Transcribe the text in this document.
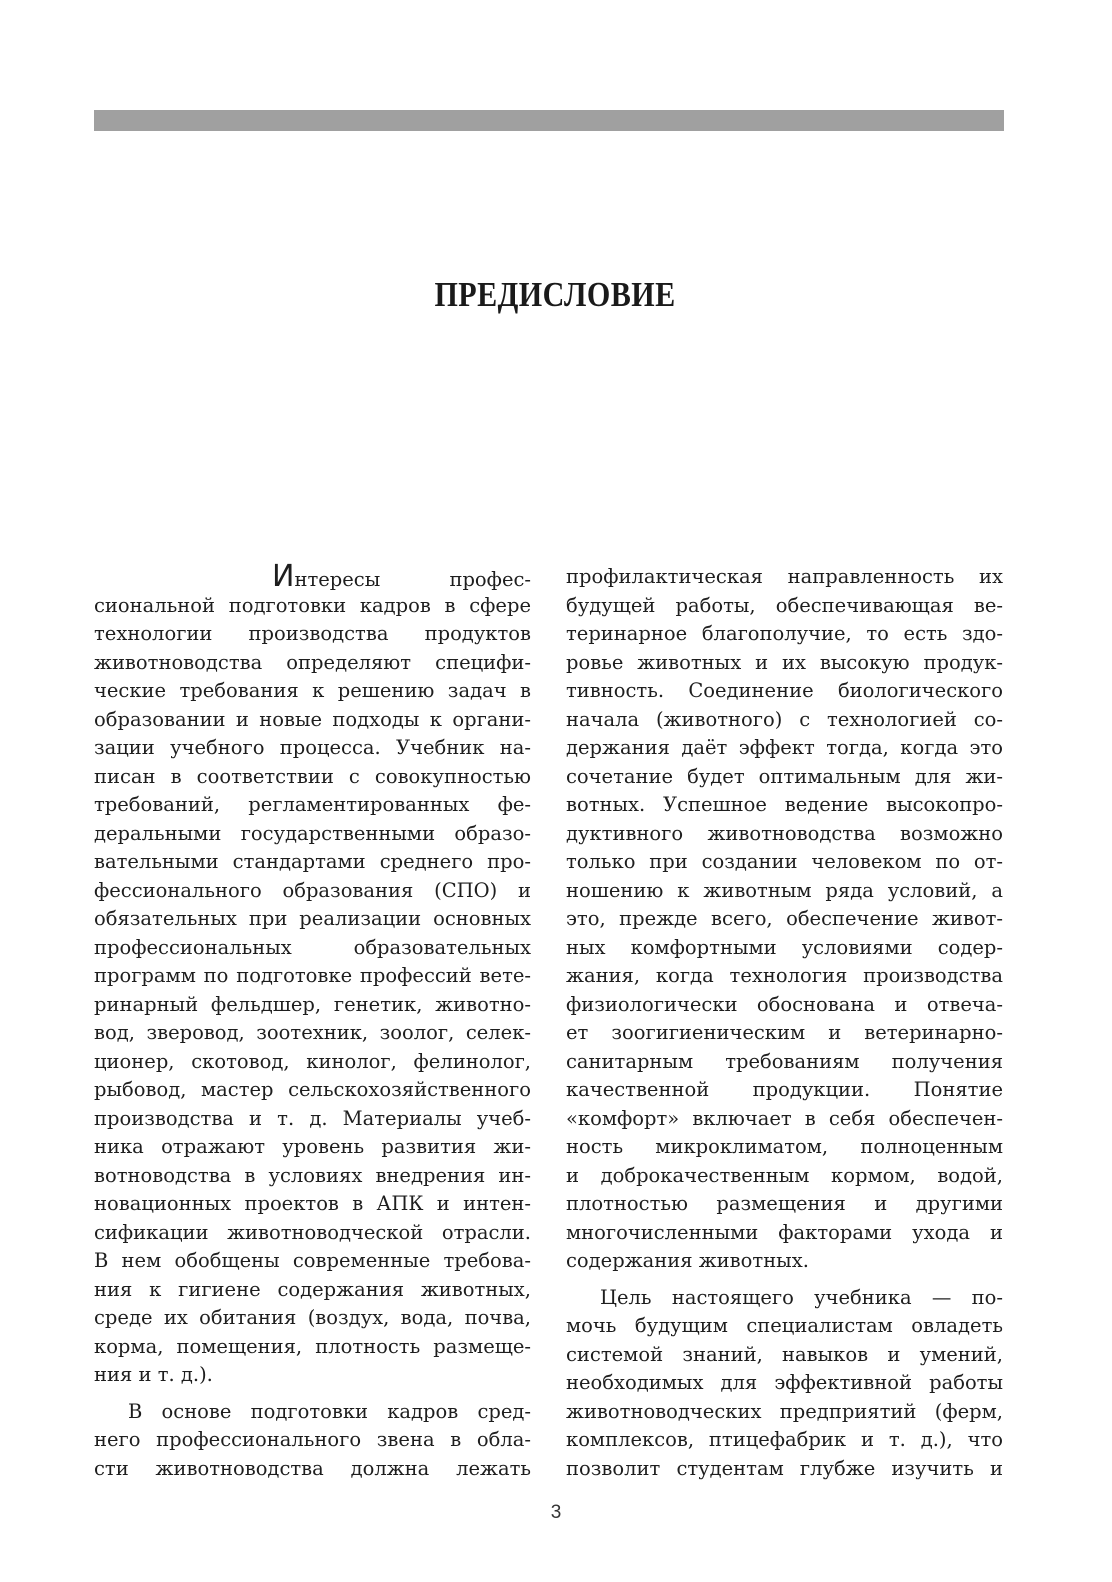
ПРЕДИСЛОВИЕ
Интересы профес-
сиональной подготовки кадров в сфере
технологии производства продуктов
животноводства определяют специфи-
ческие требования к решению задач в
образовании и новые подходы к органи-
зации учебного процесса. Учебник на-
писан в соответствии с совокупностью
требований, регламентированных фе-
деральными государственными образо-
вательными стандартами среднего про-
фессионального образования (СПО) и
обязательных при реализации основных
профессиональных образовательных
программ по подготовке профессий вете-
ринарный фельдшер, генетик, животно-
вод, зверовод, зоотехник, зоолог, селек-
ционер, скотовод, кинолог, фелинолог,
рыбовод, мастер сельскохозяйственного
производства и т. д. Материалы учеб-
ника отражают уровень развития жи-
вотноводства в условиях внедрения ин-
новационных проектов в АПК и интен-
сификации животноводческой отрасли.
В нем обобщены современные требова-
ния к гигиене содержания животных,
среде их обитания (воздух, вода, почва,
корма, помещения, плотность размеще-
ния и т. д.).
В основе подготовки кадров сред-
него профессионального звена в обла-
сти животноводства должна лежать
профилактическая направленность их
будущей работы, обеспечивающая ве-
теринарное благополучие, то есть здо-
ровье животных и их высокую продук-
тивность. Соединение биологического
начала (животного) с технологией со-
держания даёт эффект тогда, когда это
сочетание будет оптимальным для жи-
вотных. Успешное ведение высокопро-
дуктивного животноводства возможно
только при создании человеком по от-
ношению к животным ряда условий, а
это, прежде всего, обеспечение живот-
ных комфортными условиями содер-
жания, когда технология производства
физиологически обоснована и отвеча-
ет зоогигиеническим и ветеринарно-
санитарным требованиям получения
качественной продукции. Понятие
«комфорт» включает в себя обеспечен-
ность микроклиматом, полноценным
и доброкачественным кормом, водой,
плотностью размещения и другими
многочисленными факторами ухода и
содержания животных.
Цель настоящего учебника — по-
мочь будущим специалистам овладеть
системой знаний, навыков и умений,
необходимых для эффективной работы
животноводческих предприятий (ферм,
комплексов, птицефабрик и т. д.), что
позволит студентам глубже изучить и
3
